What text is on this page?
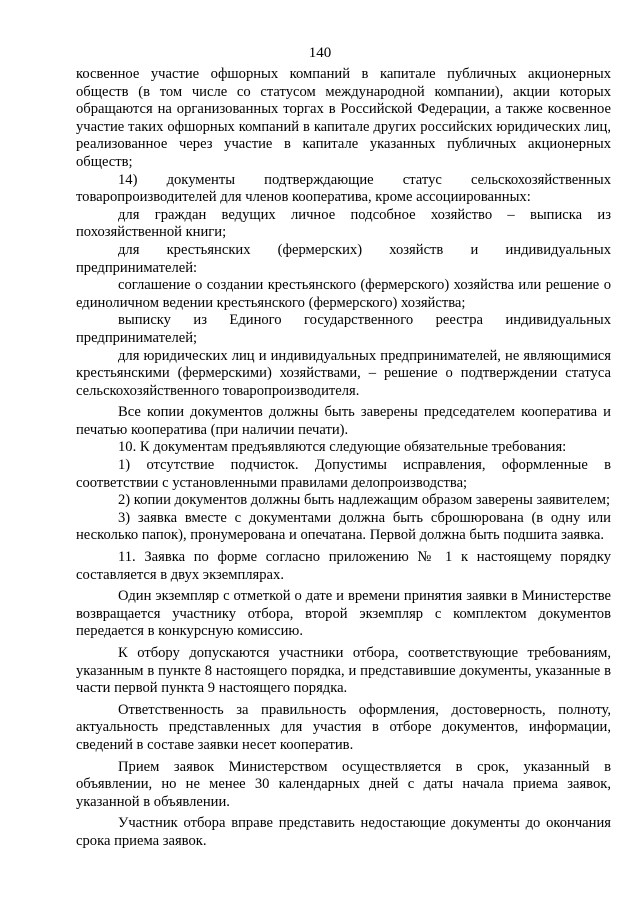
140

косвенное участие офшорных компаний в капитале публичных акционерных обществ (в том числе со статусом международной компании), акции которых обращаются на организованных торгах в Российской Федерации, а также косвенное участие таких офшорных компаний в капитале других российских юридических лиц, реализованное через участие в капитале указанных публичных акционерных обществ;

14) документы подтверждающие статус сельскохозяйственных товаропроизводителей для членов кооператива, кроме ассоциированных:

для граждан ведущих личное подсобное хозяйство – выписка из похозяйственной книги;

для крестьянских (фермерских) хозяйств и индивидуальных предпринимателей:

соглашение о создании крестьянского (фермерского) хозяйства или решение о единоличном ведении крестьянского (фермерского) хозяйства;

выписку из Единого государственного реестра индивидуальных предпринимателей;

для юридических лиц и индивидуальных предпринимателей, не являющимися крестьянскими (фермерскими) хозяйствами, – решение о подтверждении статуса сельскохозяйственного товаропроизводителя.

Все копии документов должны быть заверены председателем кооператива и печатью кооператива (при наличии печати).

10. К документам предъявляются следующие обязательные требования:

1) отсутствие подчисток. Допустимы исправления, оформленные в соответствии с установленными правилами делопроизводства;

2) копии документов должны быть надлежащим образом заверены заявителем;

3) заявка вместе с документами должна быть сброшюрована (в одну или несколько папок), пронумерована и опечатана. Первой должна быть подшита заявка.

11. Заявка по форме согласно приложению № 1 к настоящему порядку составляется в двух экземплярах.

Один экземпляр с отметкой о дате и времени принятия заявки в Министерстве возвращается участнику отбора, второй экземпляр с комплектом документов передается в конкурсную комиссию.

К отбору допускаются участники отбора, соответствующие требованиям, указанным в пункте 8 настоящего порядка, и представившие документы, указанные в части первой пункта 9 настоящего порядка.

Ответственность за правильность оформления, достоверность, полноту, актуальность представленных для участия в отборе документов, информации, сведений в составе заявки несет кооператив.

Прием заявок Министерством осуществляется в срок, указанный в объявлении, но не менее 30 календарных дней с даты начала приема заявок, указанной в объявлении.

Участник отбора вправе представить недостающие документы до окончания срока приема заявок.
